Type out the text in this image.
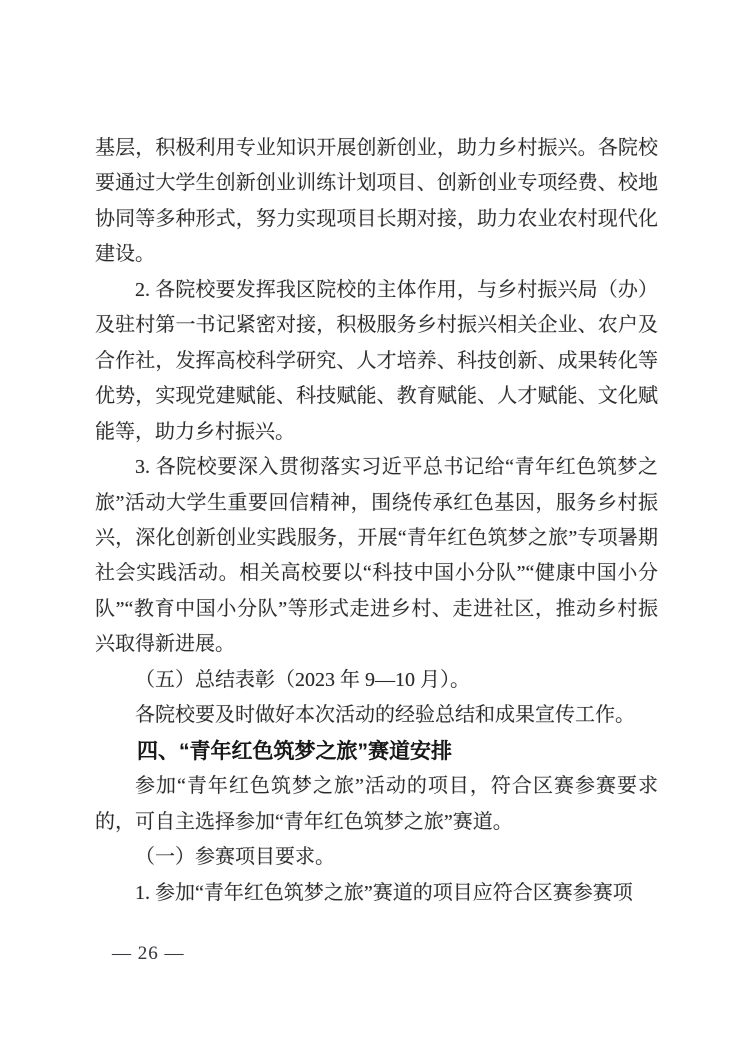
基层，积极利用专业知识开展创新创业，助力乡村振兴。各院校要通过大学生创新创业训练计划项目、创新创业专项经费、校地协同等多种形式，努力实现项目长期对接，助力农业农村现代化建设。

2. 各院校要发挥我区院校的主体作用，与乡村振兴局（办）及驻村第一书记紧密对接，积极服务乡村振兴相关企业、农户及合作社，发挥高校科学研究、人才培养、科技创新、成果转化等优势，实现党建赋能、科技赋能、教育赋能、人才赋能、文化赋能等，助力乡村振兴。

3. 各院校要深入贯彻落实习近平总书记给“青年红色筑梦之旅”活动大学生重要回信精神，围绕传承红色基因，服务乡村振兴，深化创新创业实践服务，开展“青年红色筑梦之旅”专项暑期社会实践活动。相关高校要以“科技中国小分队”“健康中国小分队”“教育中国小分队”等形式走进乡村、走进社区，推动乡村振兴取得新进展。

（五）总结表彰（2023 年 9—10 月）。

各院校要及时做好本次活动的经验总结和成果宣传工作。

四、“青年红色筑梦之旅”赛道安排

参加“青年红色筑梦之旅”活动的项目，符合区赛参赛要求的，可自主选择参加“青年红色筑梦之旅”赛道。

（一）参赛项目要求。

1. 参加“青年红色筑梦之旅”赛道的项目应符合区赛参赛项

— 26 —
